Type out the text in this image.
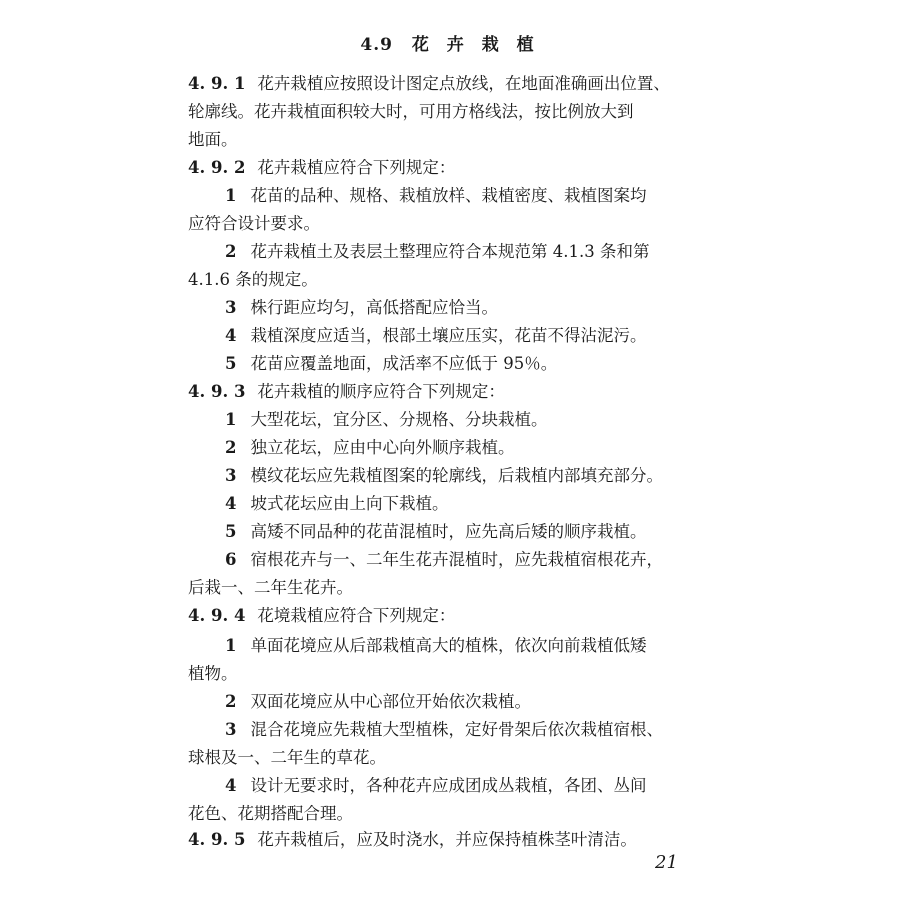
4.9 花 卉 栽 植
4. 9. 1 花卉栽植应按照设计图定点放线，在地面准确画出位置、
轮廓线。花卉栽植面积较大时，可用方格线法，按比例放大到
地面。
4. 9. 2 花卉栽植应符合下列规定：
1 花苗的品种、规格、栽植放样、栽植密度、栽植图案均
应符合设计要求。
2 花卉栽植土及表层土整理应符合本规范第 4.1.3 条和第
4.1.6 条的规定。
3 株行距应均匀，高低搭配应恰当。
4 栽植深度应适当，根部土壤应压实，花苗不得沾泥污。
5 花苗应覆盖地面，成活率不应低于 95％。
4. 9. 3 花卉栽植的顺序应符合下列规定：
1 大型花坛，宜分区、分规格、分块栽植。
2 独立花坛，应由中心向外顺序栽植。
3 模纹花坛应先栽植图案的轮廓线，后栽植内部填充部分。
4 坡式花坛应由上向下栽植。
5 高矮不同品种的花苗混植时，应先高后矮的顺序栽植。
6 宿根花卉与一、二年生花卉混植时，应先栽植宿根花卉，
后栽一、二年生花卉。
4. 9. 4 花境栽植应符合下列规定：
1 单面花境应从后部栽植高大的植株，依次向前栽植低矮
植物。
2 双面花境应从中心部位开始依次栽植。
3 混合花境应先栽植大型植株，定好骨架后依次栽植宿根、
球根及一、二年生的草花。
4 设计无要求时，各种花卉应成团成丛栽植，各团、丛间
花色、花期搭配合理。
4. 9. 5 花卉栽植后，应及时浇水，并应保持植株茎叶清洁。
21
